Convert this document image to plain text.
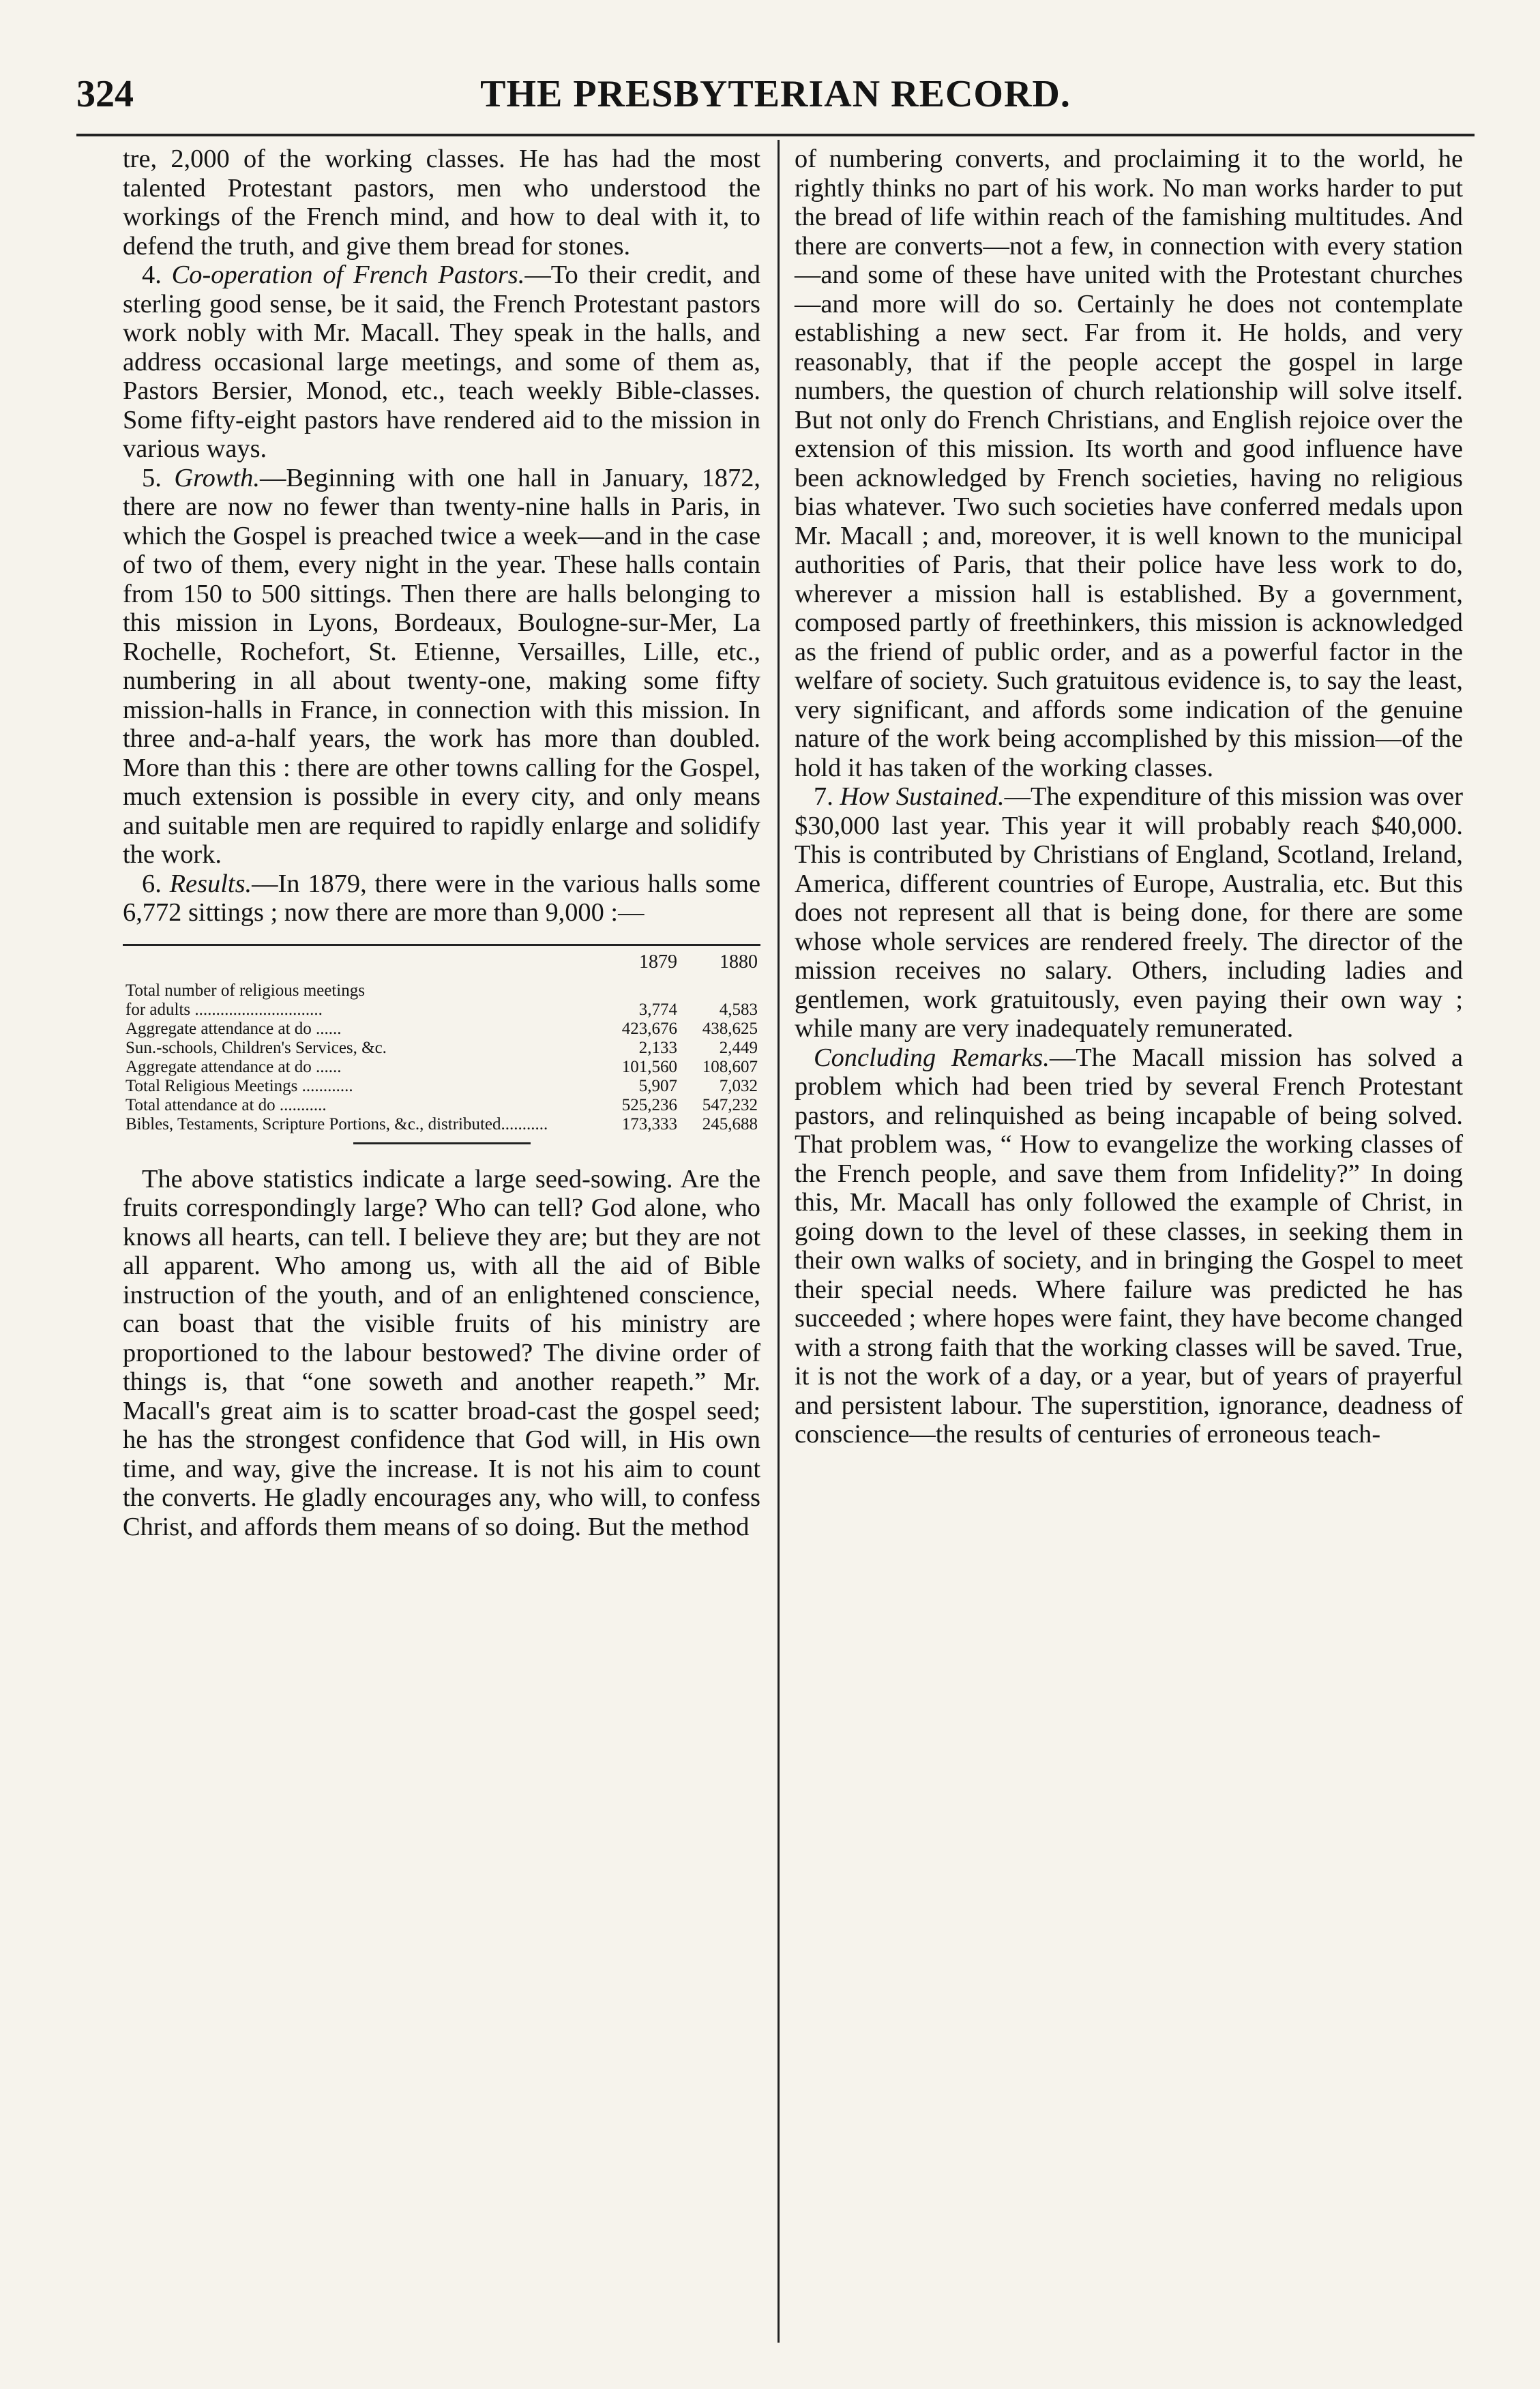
324	THE PRESBYTERIAN RECORD.

tre, 2,000 of the working classes. He has had the most talented Protestant pastors, men who understood the workings of the French mind, and how to deal with it, to defend the truth, and give them bread for stones.

4. Co-operation of French Pastors.—To their credit, and sterling good sense, be it said, the French Protestant pastors work nobly with Mr. Macall. They speak in the halls, and address occasional large meetings, and some of them as, Pastors Bersier, Monod, etc., teach weekly Bible-classes. Some fifty-eight pastors have rendered aid to the mission in various ways.

5. Growth.—Beginning with one hall in January, 1872, there are now no fewer than twenty-nine halls in Paris, in which the Gospel is preached twice a week—and in the case of two of them, every night in the year. These halls contain from 150 to 500 sittings. Then there are halls belonging to this mission in Lyons, Bordeaux, Boulogne-sur-Mer, La Rochelle, Rochefort, St. Etienne, Versailles, Lille, etc., numbering in all about twenty-one, making some fifty mission-halls in France, in connection with this mission. In three and-a-half years, the work has more than doubled. More than this : there are other towns calling for the Gospel, much extension is possible in every city, and only means and suitable men are required to rapidly enlarge and solidify the work.

6. Results.—In 1879, there were in the various halls some 6,772 sittings ; now there are more than 9,000 :—

	1879	1880
Total number of religious meetings		
for adults ..............................	3,774	4,583
Aggregate attendance at do ......	423,676	438,625
Sun.-schools, Children's Services, &c.	2,133	2,449
Aggregate attendance at do ......	101,560	108,607
Total Religious Meetings ............	5,907	7,032
Total attendance at do ...........	525,236	547,232
Bibles, Testaments, Scripture Portions, &c., distributed...........	173,333	245,688

The above statistics indicate a large seed-sowing. Are the fruits correspondingly large? Who can tell? God alone, who knows all hearts, can tell. I believe they are; but they are not all apparent. Who among us, with all the aid of Bible instruction of the youth, and of an enlightened conscience, can boast that the visible fruits of his ministry are proportioned to the labour bestowed? The divine order of things is, that “one soweth and another reapeth.” Mr. Macall's great aim is to scatter broad-cast the gospel seed; he has the strongest confidence that God will, in His own time, and way, give the increase. It is not his aim to count the converts. He gladly encourages any, who will, to confess Christ, and affords them means of so doing. But the method

of numbering converts, and proclaiming it to the world, he rightly thinks no part of his work. No man works harder to put the bread of life within reach of the famishing multitudes. And there are converts—not a few, in connection with every station—and some of these have united with the Protestant churches—and more will do so. Certainly he does not contemplate establishing a new sect. Far from it. He holds, and very reasonably, that if the people accept the gospel in large numbers, the question of church relationship will solve itself. But not only do French Christians, and English rejoice over the extension of this mission. Its worth and good influence have been acknowledged by French societies, having no religious bias whatever. Two such societies have conferred medals upon Mr. Macall ; and, moreover, it is well known to the municipal authorities of Paris, that their police have less work to do, wherever a mission hall is established. By a government, composed partly of freethinkers, this mission is acknowledged as the friend of public order, and as a powerful factor in the welfare of society. Such gratuitous evidence is, to say the least, very significant, and affords some indication of the genuine nature of the work being accomplished by this mission—of the hold it has taken of the working classes.

7. How Sustained.—The expenditure of this mission was over $30,000 last year. This year it will probably reach $40,000. This is contributed by Christians of England, Scotland, Ireland, America, different countries of Europe, Australia, etc. But this does not represent all that is being done, for there are some whose whole services are rendered freely. The director of the mission receives no salary. Others, including ladies and gentlemen, work gratuitously, even paying their own way ; while many are very inadequately remunerated.

Concluding Remarks.—The Macall mission has solved a problem which had been tried by several French Protestant pastors, and relinquished as being incapable of being solved. That problem was, “ How to evangelize the working classes of the French people, and save them from Infidelity?” In doing this, Mr. Macall has only followed the example of Christ, in going down to the level of these classes, in seeking them in their own walks of society, and in bringing the Gospel to meet their special needs. Where failure was predicted he has succeeded ; where hopes were faint, they have become changed with a strong faith that the working classes will be saved. True, it is not the work of a day, or a year, but of years of prayerful and persistent labour. The superstition, ignorance, deadness of conscience—the results of centuries of erroneous teach-
